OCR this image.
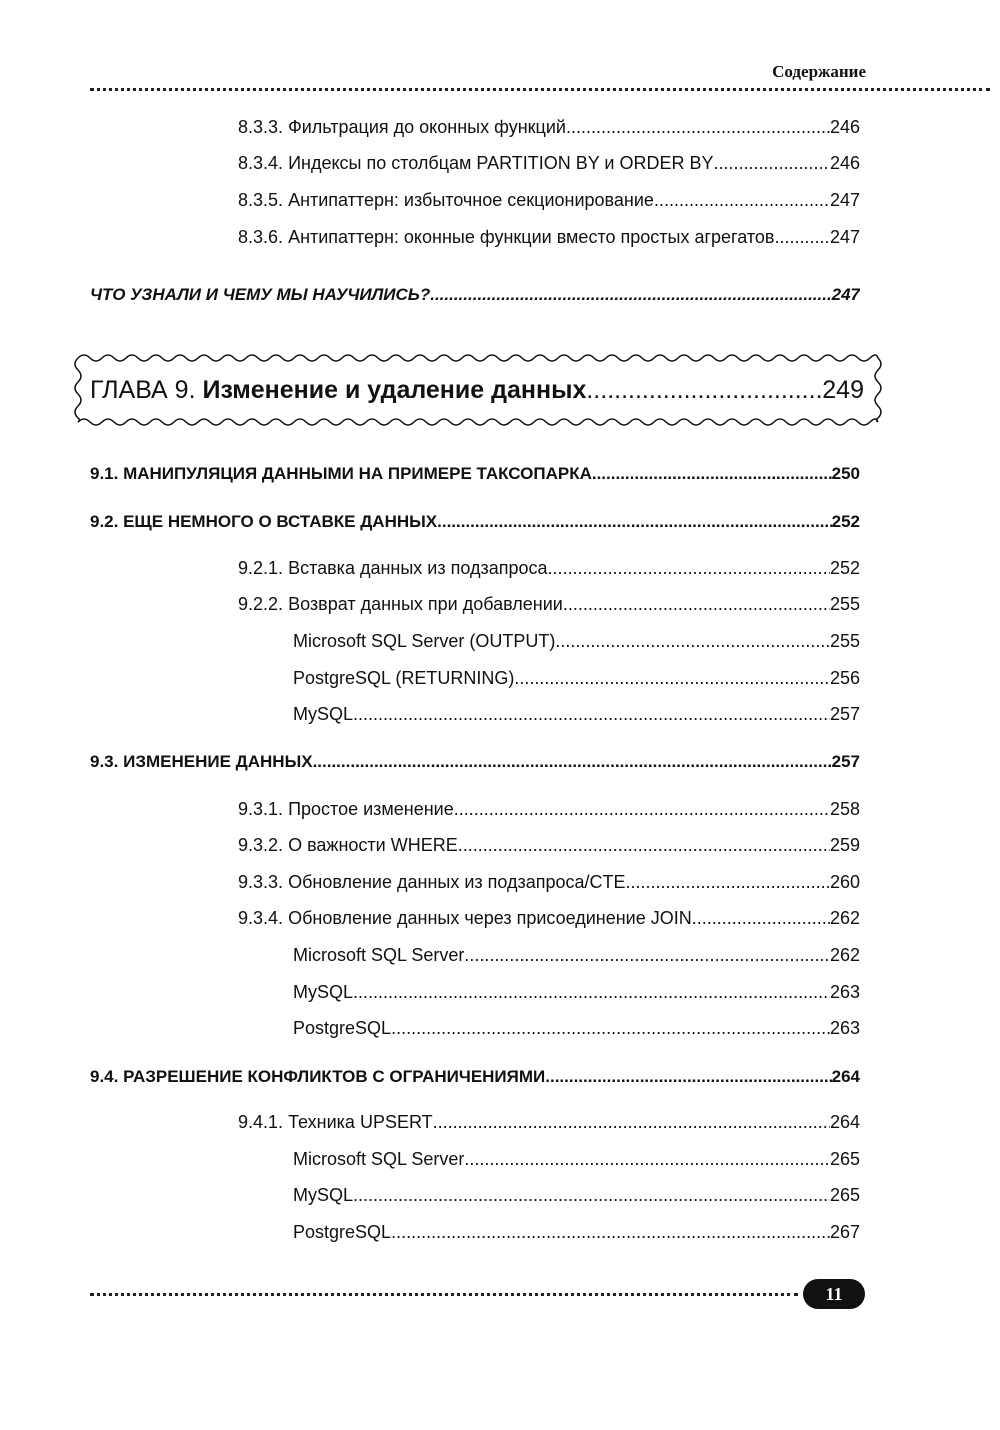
Содержание
8.3.3. Фильтрация до оконных функций .....	246
8.3.4. Индексы по столбцам PARTITION BY и ORDER BY .....	246
8.3.5. Антипаттерн: избыточное секционирование .....	247
8.3.6. Антипаттерн: оконные функции вместо простых агрегатов .....	247
ЧТО УЗНАЛИ И ЧЕМУ МЫ НАУЧИЛИСЬ? .....	247
ГЛАВА 9. Изменение и удаление данных .....	249
9.1. МАНИПУЛЯЦИЯ ДАННЫМИ НА ПРИМЕРЕ ТАКСОПАРКА .....	250
9.2. ЕЩЕ НЕМНОГО О ВСТАВКЕ ДАННЫХ .....	252
9.2.1. Вставка данных из подзапроса .....	252
9.2.2. Возврат данных при добавлении .....	255
Microsoft SQL Server (OUTPUT) .....	255
PostgreSQL (RETURNING) .....	256
MySQL .....	257
9.3. ИЗМЕНЕНИЕ ДАННЫХ .....	257
9.3.1. Простое изменение .....	258
9.3.2. О важности WHERE .....	259
9.3.3. Обновление данных из подзапроса/CTE .....	260
9.3.4. Обновление данных через присоединение JOIN .....	262
Microsoft SQL Server .....	262
MySQL .....	263
PostgreSQL .....	263
9.4. РАЗРЕШЕНИЕ КОНФЛИКТОВ С ОГРАНИЧЕНИЯМИ .....	264
9.4.1. Техника UPSERT .....	264
Microsoft SQL Server .....	265
MySQL .....	265
PostgreSQL .....	267
11
